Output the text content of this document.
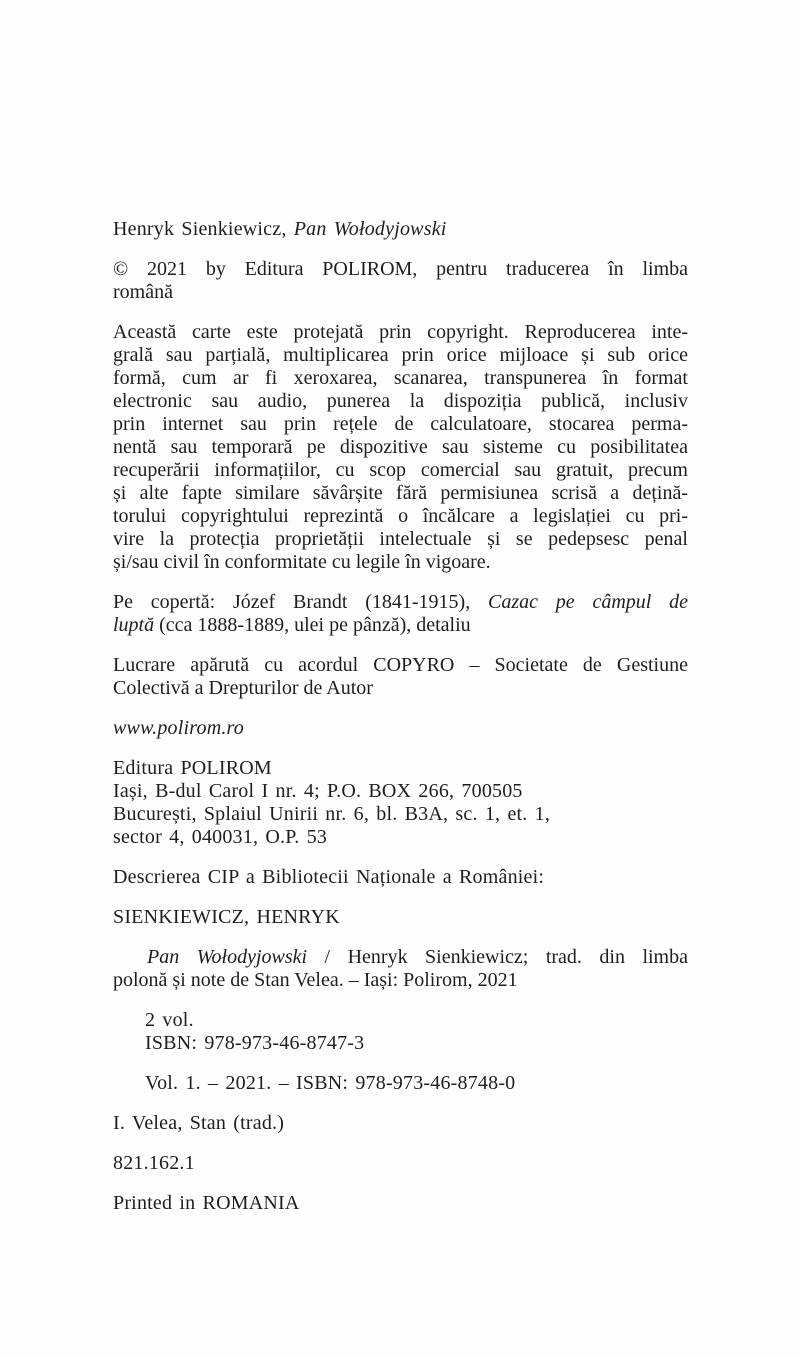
Henryk Sienkiewicz, Pan Wołodyjowski
© 2021 by Editura POLIROM, pentru traducerea în limba
română
Această carte este protejată prin copyright. Reproducerea inte-
grală sau parțială, multiplicarea prin orice mijloace și sub orice
formă, cum ar fi xeroxarea, scanarea, transpunerea în format
electronic sau audio, punerea la dispoziția publică, inclusiv
prin internet sau prin rețele de calculatoare, stocarea perma-
nentă sau temporară pe dispozitive sau sisteme cu posibilitatea
recuperării informațiilor, cu scop comercial sau gratuit, precum
și alte fapte similare săvârșite fără permisiunea scrisă a dețină-
torului copyrightului reprezintă o încălcare a legislației cu pri-
vire la protecția proprietății intelectuale și se pedepsesc penal
și/sau civil în conformitate cu legile în vigoare.
Pe copertă: Józef Brandt (1841-1915), Cazac pe câmpul de
luptă (cca 1888-1889, ulei pe pânză), detaliu
Lucrare apărută cu acordul COPYRO – Societate de Gestiune
Colectivă a Drepturilor de Autor
www.polirom.ro
Editura POLIROM
Iași, B-dul Carol I nr. 4; P.O. BOX 266, 700505
București, Splaiul Unirii nr. 6, bl. B3A, sc. 1, et. 1,
sector 4, 040031, O.P. 53
Descrierea CIP a Bibliotecii Naționale a României:
SIENKIEWICZ, HENRYK
Pan Wołodyjowski / Henryk Sienkiewicz; trad. din limba
polonă și note de Stan Velea. – Iași: Polirom, 2021
2 vol.
ISBN: 978-973-46-8747-3
Vol. 1. – 2021. – ISBN: 978-973-46-8748-0
I. Velea, Stan (trad.)
821.162.1
Printed in ROMANIA
